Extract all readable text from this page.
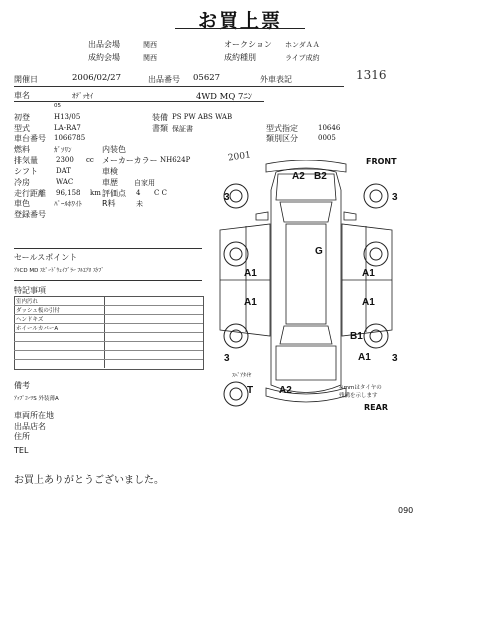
お買上票
出品会場	関西
成約会場	関西
オークション ホンダＡＡ
成約種別	ライブ成約
1316
開催日	2006/02/27	出品番号 05627	外車表記
車名	ｵﾃﾞｯｾｲ	4WD MQ 7ﾆﾝ
05
初登	H13/05	装備 PS PW ABS WAB
型式	LA-RA7	書類 保証書	型式指定	10646
車台番号 1066785	類別区分	0005
燃料	ｶﾞｿﾘﾝ	内装色
排気量	2300 cc メーカーカラー NH624P	2001
シフト	DAT	車検
冷房	WAC	車歴 自家用
走行距離 96,158 km 評価点 4 C C
車色	ﾊﾟｰﾙﾎﾜｲﾄ	R料	未
登録番号
セールスポイント
ｱﾙCD MD ｽﾋﾟｰﾄﾞｳｪｲﾌﾞﾗｰ ﾌﾙｴｱﾛ ｽｹﾌﾞ
特記事項
室内汚れ
ダッシュ板の引付
ヘンドキズ
ホイールカバーA
備考
ｱｯﾌﾟｺｰﾂS 外装薄A
車両所在地
出品店名
住所
TEL
お買上ありがとうございました。
090
FRONT
REAR
A2 B2
G
A1	A1
A1	A1
B1
A1
A2
T
3	3
3	3
ｽﾍﾟｱﾀｲﾔ
※mmはタイヤの
残溝を示します
